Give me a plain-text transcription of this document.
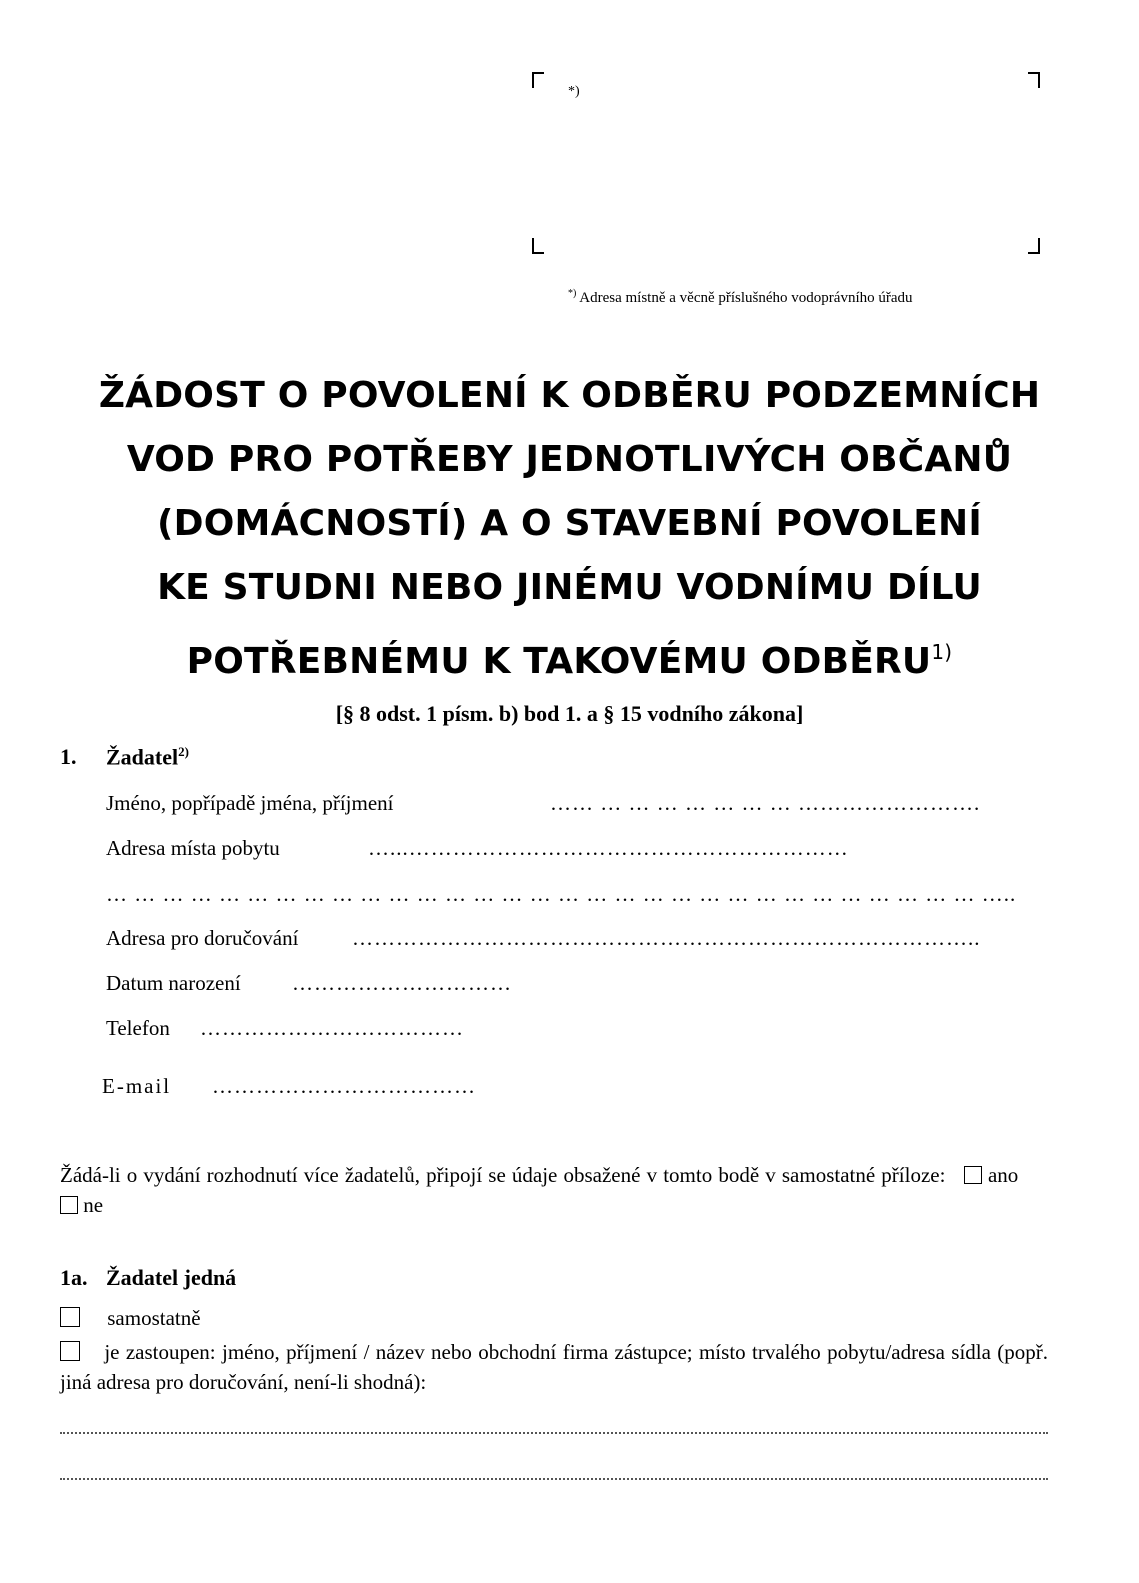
*)
*) Adresa místně a věcně příslušného vodoprávního úřadu
ŽÁDOST O POVOLENÍ K ODBĚRU PODZEMNÍCH
VOD PRO POTŘEBY JEDNOTLIVÝCH OBČANŮ
(DOMÁCNOSTÍ) A O STAVEBNÍ POVOLENÍ
KE STUDNI NEBO JINÉMU VODNÍMU DÍLU
POTŘEBNÉMU K TAKOVÉMU ODBĚRU$^{1)}$
[§ 8 odst. 1 písm. b) bod 1. a § 15 vodního zákona]
1. Žadatel$^{2)}$
Jméno, popřípadě jména, příjmení	…… … … … … … … … …………………….
Adresa místa pobytu	…...……………………………………………………
… … … … … … … … … … … … … … … … … … … … … … … … … … … … … … … …..
Adresa pro doručování	…………………………………………………………………………..
Datum narození …………………………
Telefon ………………………………
E-mail ………………………………
Žádá-li o vydání rozhodnutí více žadatelů, připojí se údaje obsažené v tomto bodě v samostatné příloze: ano       ne
1a. Žadatel jedná
samostatně
je zastoupen: jméno, příjmení / název nebo obchodní firma zástupce; místo trvalého pobytu/adresa sídla (popř. jiná adresa pro doručování, není-li shodná):
